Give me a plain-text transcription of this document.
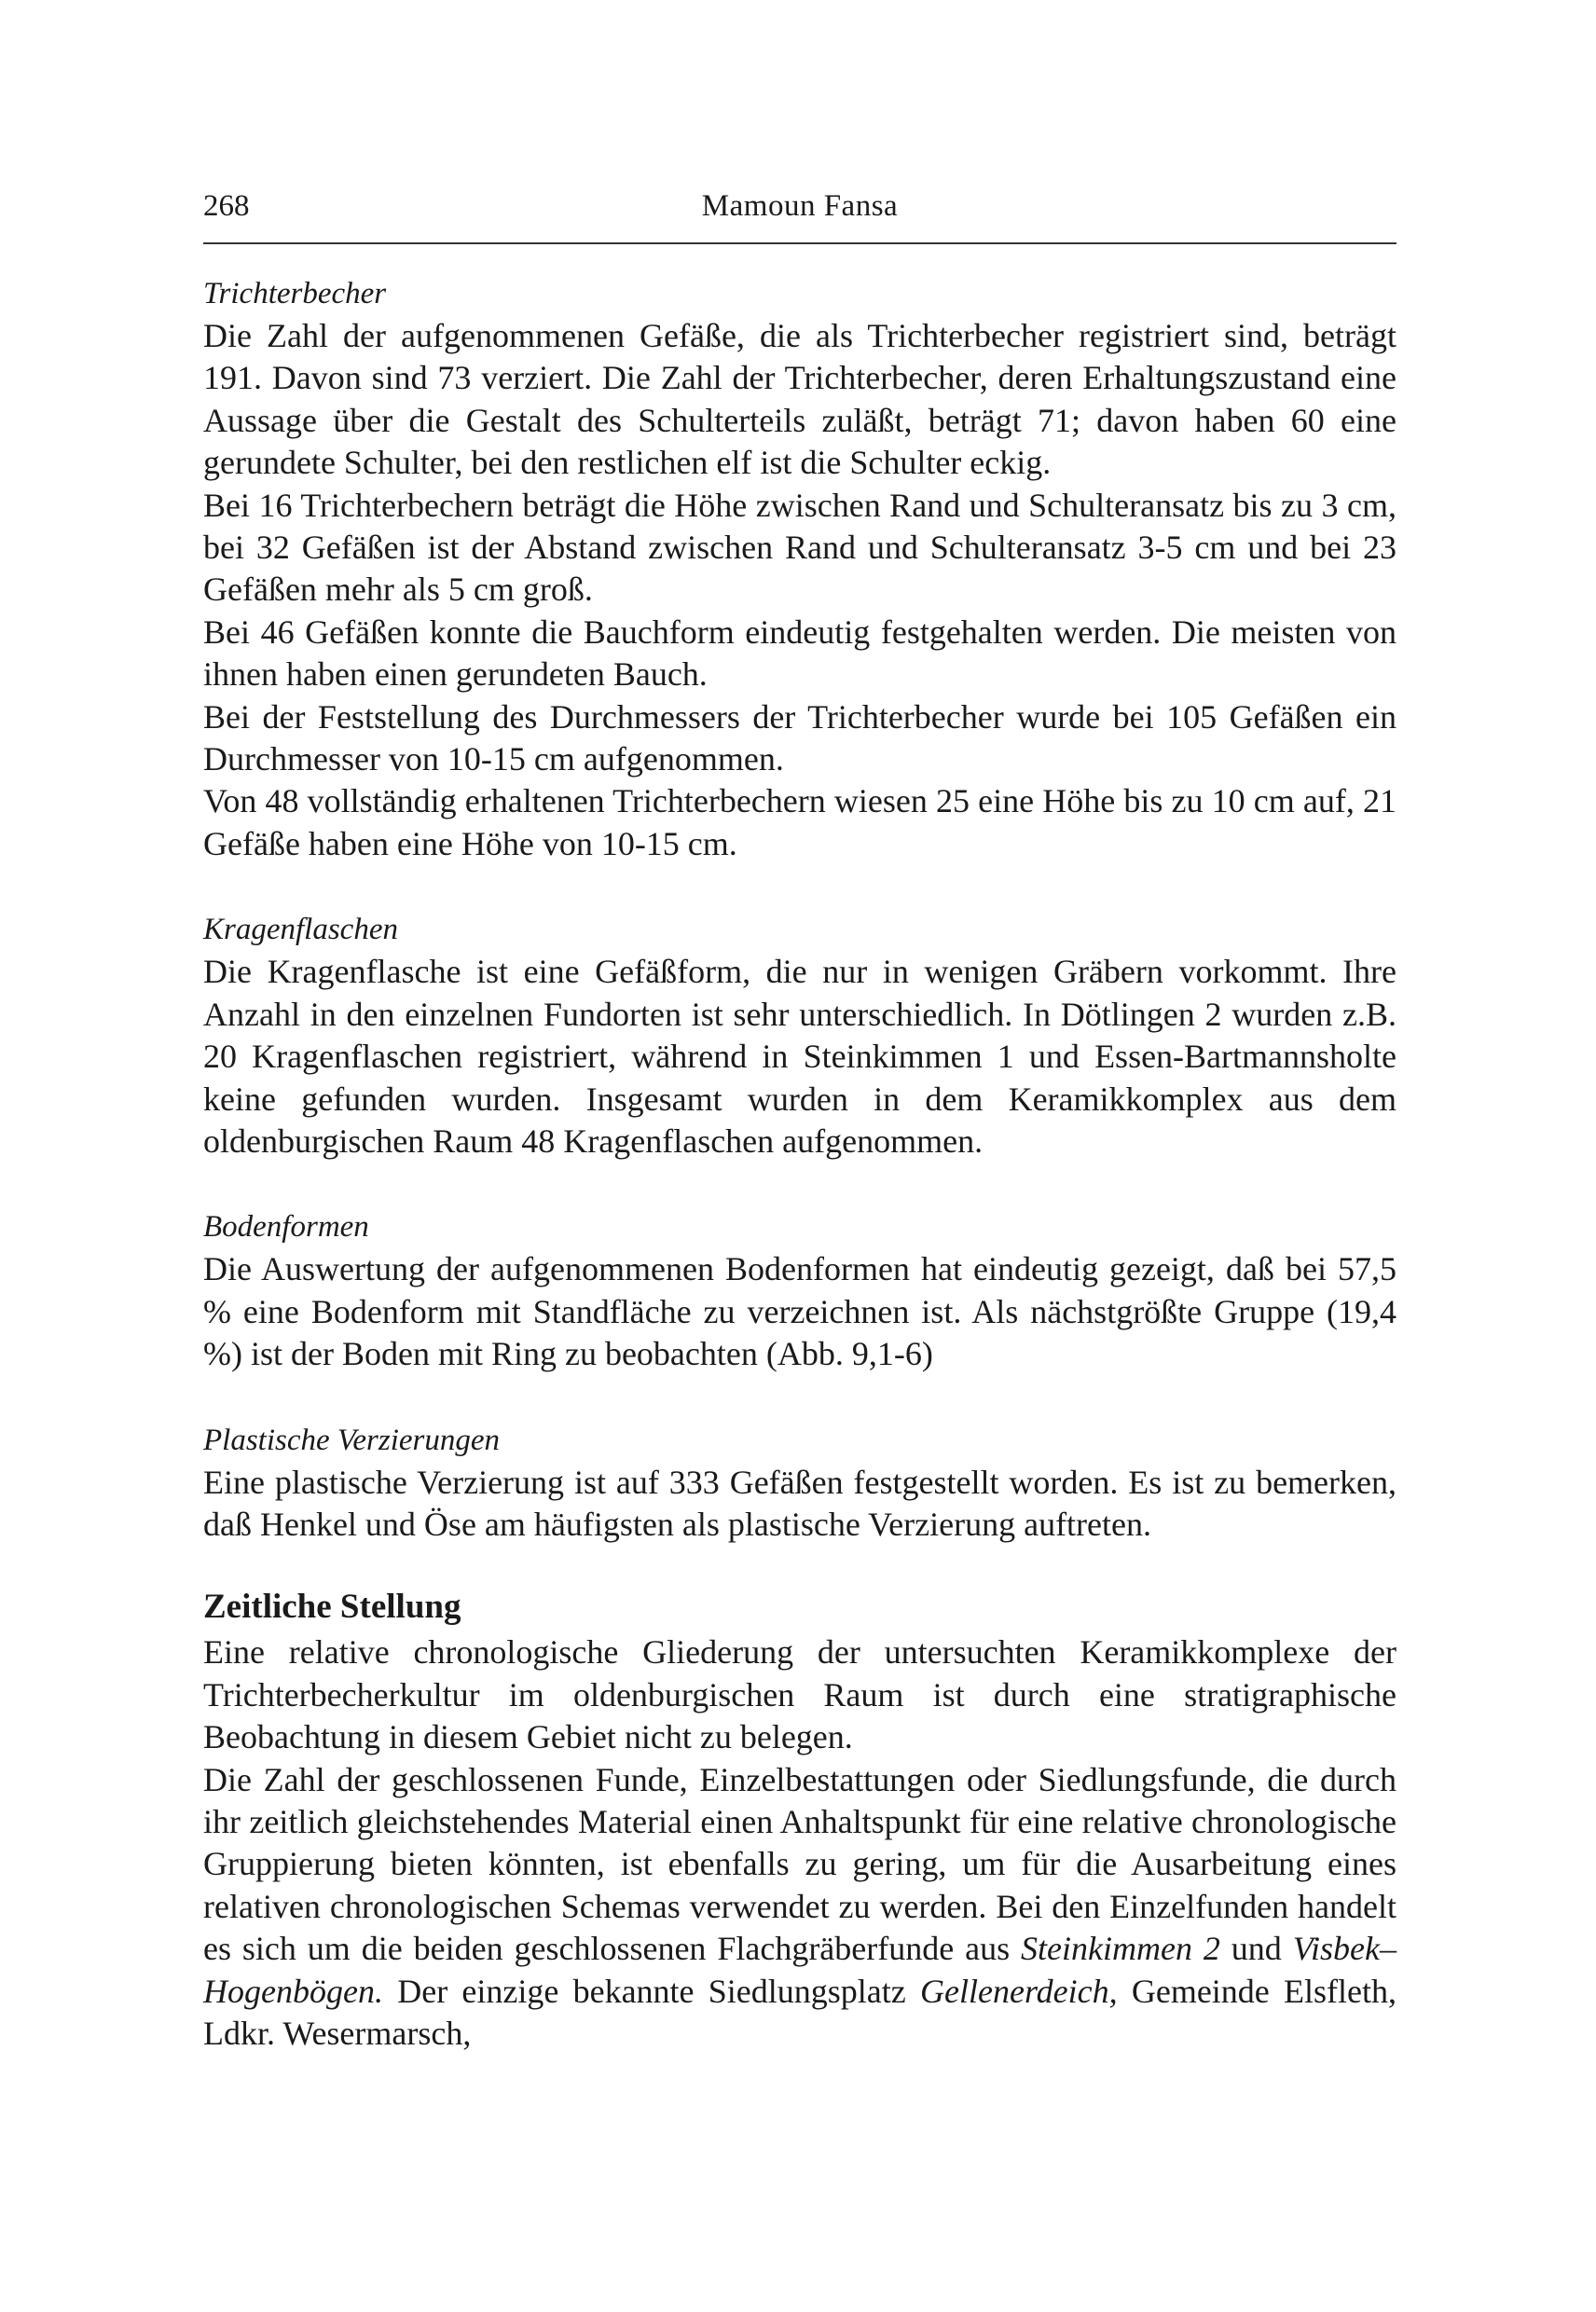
268	Mamoun Fansa

Trichterbecher

Die Zahl der aufgenommenen Gefäße, die als Trichterbecher registriert sind, beträgt 191. Davon sind 73 verziert. Die Zahl der Trichterbecher, deren Erhaltungszustand eine Aussage über die Gestalt des Schulterteils zuläßt, beträgt 71; davon haben 60 eine gerundete Schulter, bei den restlichen elf ist die Schulter eckig.

Bei 16 Trichterbechern beträgt die Höhe zwischen Rand und Schulteransatz bis zu 3 cm, bei 32 Gefäßen ist der Abstand zwischen Rand und Schulteransatz 3-5 cm und bei 23 Gefäßen mehr als 5 cm groß.

Bei 46 Gefäßen konnte die Bauchform eindeutig festgehalten werden. Die meisten von ihnen haben einen gerundeten Bauch.

Bei der Feststellung des Durchmessers der Trichterbecher wurde bei 105 Gefäßen ein Durchmesser von 10-15 cm aufgenommen.

Von 48 vollständig erhaltenen Trichterbechern wiesen 25 eine Höhe bis zu 10 cm auf, 21 Gefäße haben eine Höhe von 10-15 cm.

Kragenflaschen

Die Kragenflasche ist eine Gefäßform, die nur in wenigen Gräbern vorkommt. Ihre Anzahl in den einzelnen Fundorten ist sehr unterschiedlich. In Dötlingen 2 wurden z.B. 20 Kragenflaschen registriert, während in Steinkimmen 1 und Essen-Bartmannsholte keine gefunden wurden. Insgesamt wurden in dem Keramikkomplex aus dem oldenburgischen Raum 48 Kragenflaschen aufgenommen.

Bodenformen

Die Auswertung der aufgenommenen Bodenformen hat eindeutig gezeigt, daß bei 57,5 % eine Bodenform mit Standfläche zu verzeichnen ist. Als nächstgrößte Gruppe (19,4 %) ist der Boden mit Ring zu beobachten (Abb. 9,1-6)

Plastische Verzierungen

Eine plastische Verzierung ist auf 333 Gefäßen festgestellt worden. Es ist zu bemerken, daß Henkel und Öse am häufigsten als plastische Verzierung auftreten.

Zeitliche Stellung

Eine relative chronologische Gliederung der untersuchten Keramikkomplexe der Trichterbecherkultur im oldenburgischen Raum ist durch eine stratigraphische Beobachtung in diesem Gebiet nicht zu belegen.

Die Zahl der geschlossenen Funde, Einzelbestattungen oder Siedlungsfunde, die durch ihr zeitlich gleichstehendes Material einen Anhaltspunkt für eine relative chronologische Gruppierung bieten könnten, ist ebenfalls zu gering, um für die Ausarbeitung eines relativen chronologischen Schemas verwendet zu werden. Bei den Einzelfunden handelt es sich um die beiden geschlossenen Flachgräberfunde aus Steinkimmen 2 und Visbek–Hogenbögen. Der einzige bekannte Siedlungsplatz Gellenerdeich, Gemeinde Elsfleth, Ldkr. Wesermarsch,
